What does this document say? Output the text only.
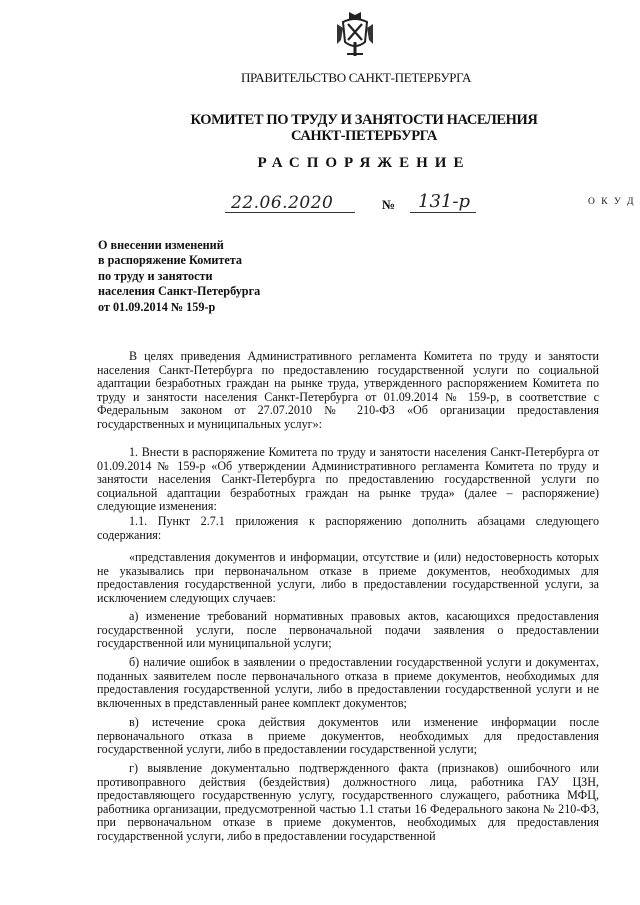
ПРАВИТЕЛЬСТВО САНКТ-ПЕТЕРБУРГА
КОМИТЕТ ПО ТРУДУ И ЗАНЯТОСТИ НАСЕЛЕНИЯ
САНКТ-ПЕТЕРБУРГА
РАСПОРЯЖЕНИЕ
22.06.2020	№ 131-р	О К У Д
О внесении изменений
в распоряжение Комитета
по труду и занятости
населения Санкт-Петербурга
от 01.09.2014 № 159-р

В целях приведения Административного регламента Комитета по труду и занятости населения Санкт-Петербурга по предоставлению государственной услуги по социальной адаптации безработных граждан на рынке труда, утвержденного распоряжением Комитета по труду и занятости населения Санкт-Петербурга от 01.09.2014 № 159-р, в соответствие с Федеральным законом от 27.07.2010 № 210-ФЗ «Об организации предоставления государственных и муниципальных услуг»:

1. Внести в распоряжение Комитета по труду и занятости населения Санкт-Петербурга от 01.09.2014 № 159-р «Об утверждении Административного регламента Комитета по труду и занятости населения Санкт-Петербурга по предоставлению государственной услуги по социальной адаптации безработных граждан на рынке труда» (далее – распоряжение) следующие изменения:

1.1. Пункт 2.7.1 приложения к распоряжению дополнить абзацами следующего содержания:

«представления документов и информации, отсутствие и (или) недостоверность которых не указывались при первоначальном отказе в приеме документов, необходимых для предоставления государственной услуги, либо в предоставлении государственной услуги, за исключением следующих случаев:

а) изменение требований нормативных правовых актов, касающихся предоставления государственной услуги, после первоначальной подачи заявления о предоставлении государственной или муниципальной услуги;

б) наличие ошибок в заявлении о предоставлении государственной услуги и документах, поданных заявителем после первоначального отказа в приеме документов, необходимых для предоставления государственной услуги, либо в предоставлении государственной услуги и не включенных в представленный ранее комплект документов;

в) истечение срока действия документов или изменение информации после первоначального отказа в приеме документов, необходимых для предоставления государственной услуги, либо в предоставлении государственной услуги;

г) выявление документально подтвержденного факта (признаков) ошибочного или противоправного действия (бездействия) должностного лица, работника ГАУ ЦЗН, предоставляющего государственную услугу, государственного служащего, работника МФЦ, работника организации, предусмотренной частью 1.1 статьи 16 Федерального закона № 210-ФЗ, при первоначальном отказе в приеме документов, необходимых для предоставления государственной услуги, либо в предоставлении государственной
